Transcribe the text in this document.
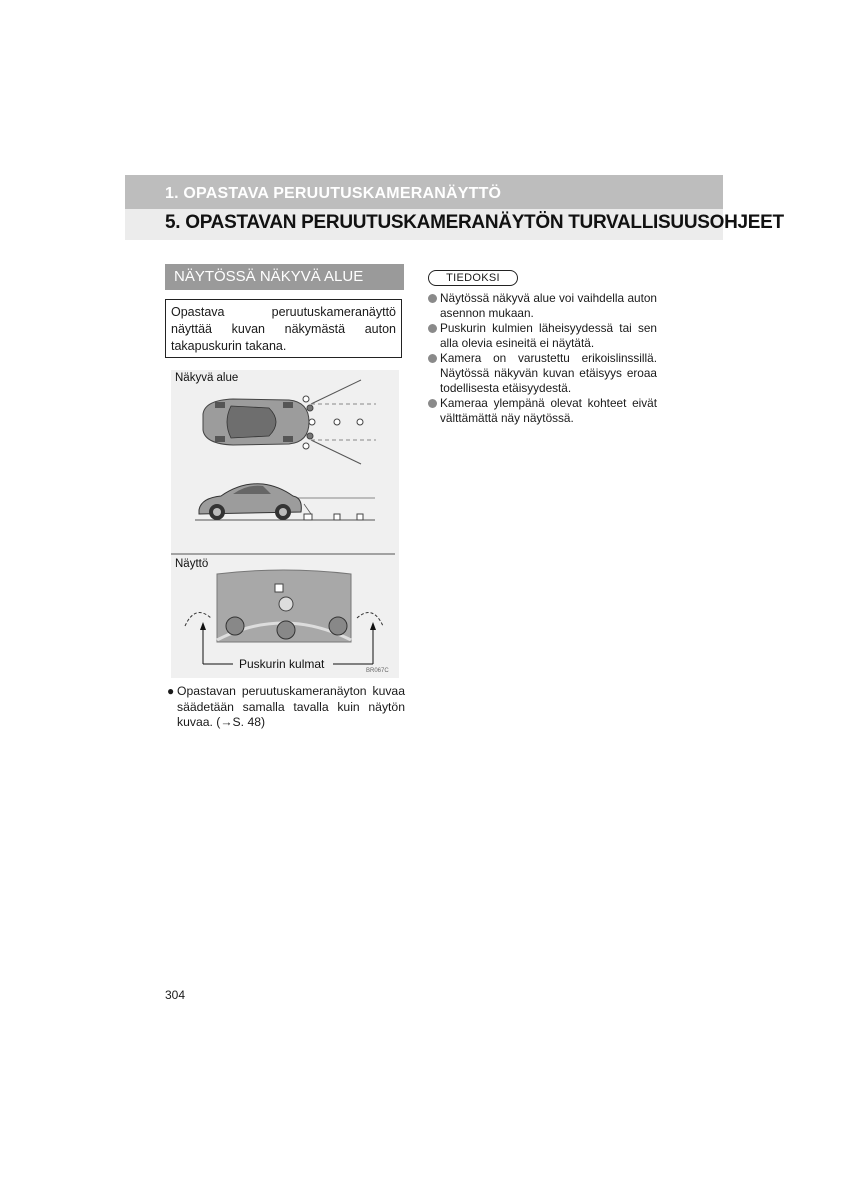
1. OPASTAVA PERUUTUSKAMERANÄYTTÖ
5. OPASTAVAN PERUUTUSKAMERANÄYTÖN TURVALLISUUSOHJEET
NÄYTÖSSÄ NÄKYVÄ ALUE
Opastava peruutuskameranäyttö näyttää kuvan näkymästä auton takapuskurin takana.
Näkyvä alue
Näyttö
Puskurin kulmat	BR067C
● Opastavan peruutuskameranäyton kuvaa säädetään samalla tavalla kuin näytön kuvaa. (→S. 48)
TIEDOKSI
Näytössä näkyvä alue voi vaihdella auton asennon mukaan.
Puskurin kulmien läheisyydessä tai sen alla olevia esineitä ei näytätä.
Kamera on varustettu erikoislinssillä. Näytössä näkyvän kuvan etäisyys eroaa todellisesta etäisyydestä.
Kameraa ylempänä olevat kohteet eivät välttämättä näy näytössä.
304
